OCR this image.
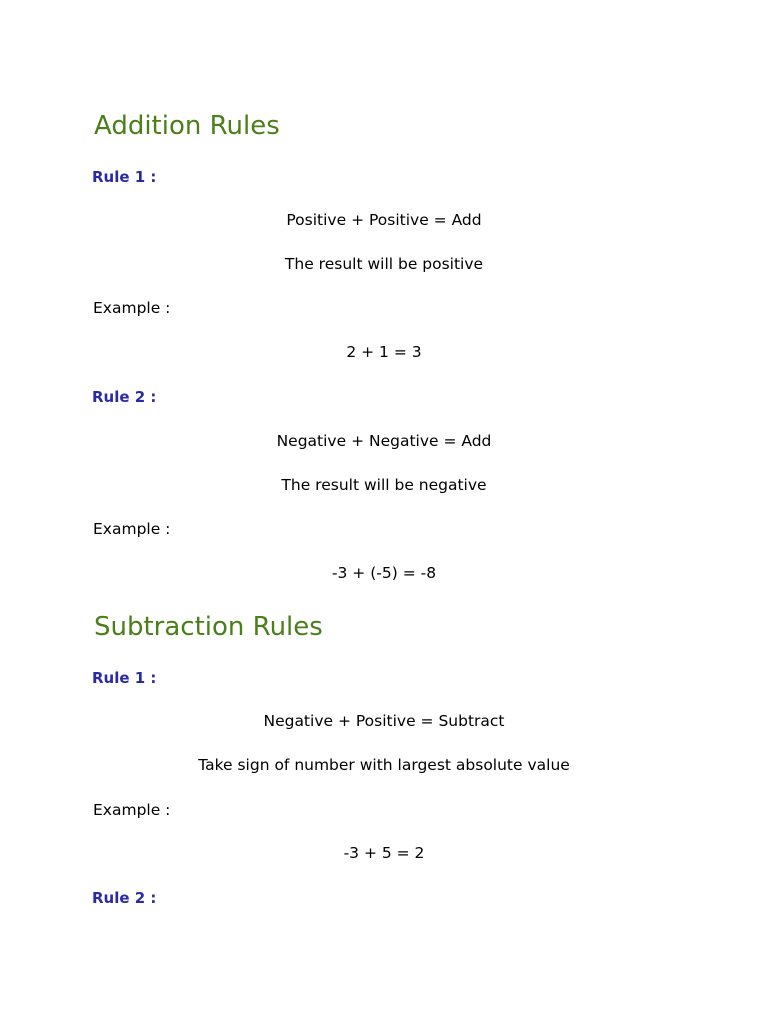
Addition Rules
Rule 1 :
Positive + Positive = Add
The result will be positive
Example :
2 + 1 = 3
Rule 2 :
Negative + Negative = Add
The result will be negative
Example :
-3 + (-5) = -8
Subtraction Rules
Rule 1 :
Negative + Positive = Subtract
Take sign of number with largest absolute value
Example :
-3 + 5 = 2
Rule 2 :
